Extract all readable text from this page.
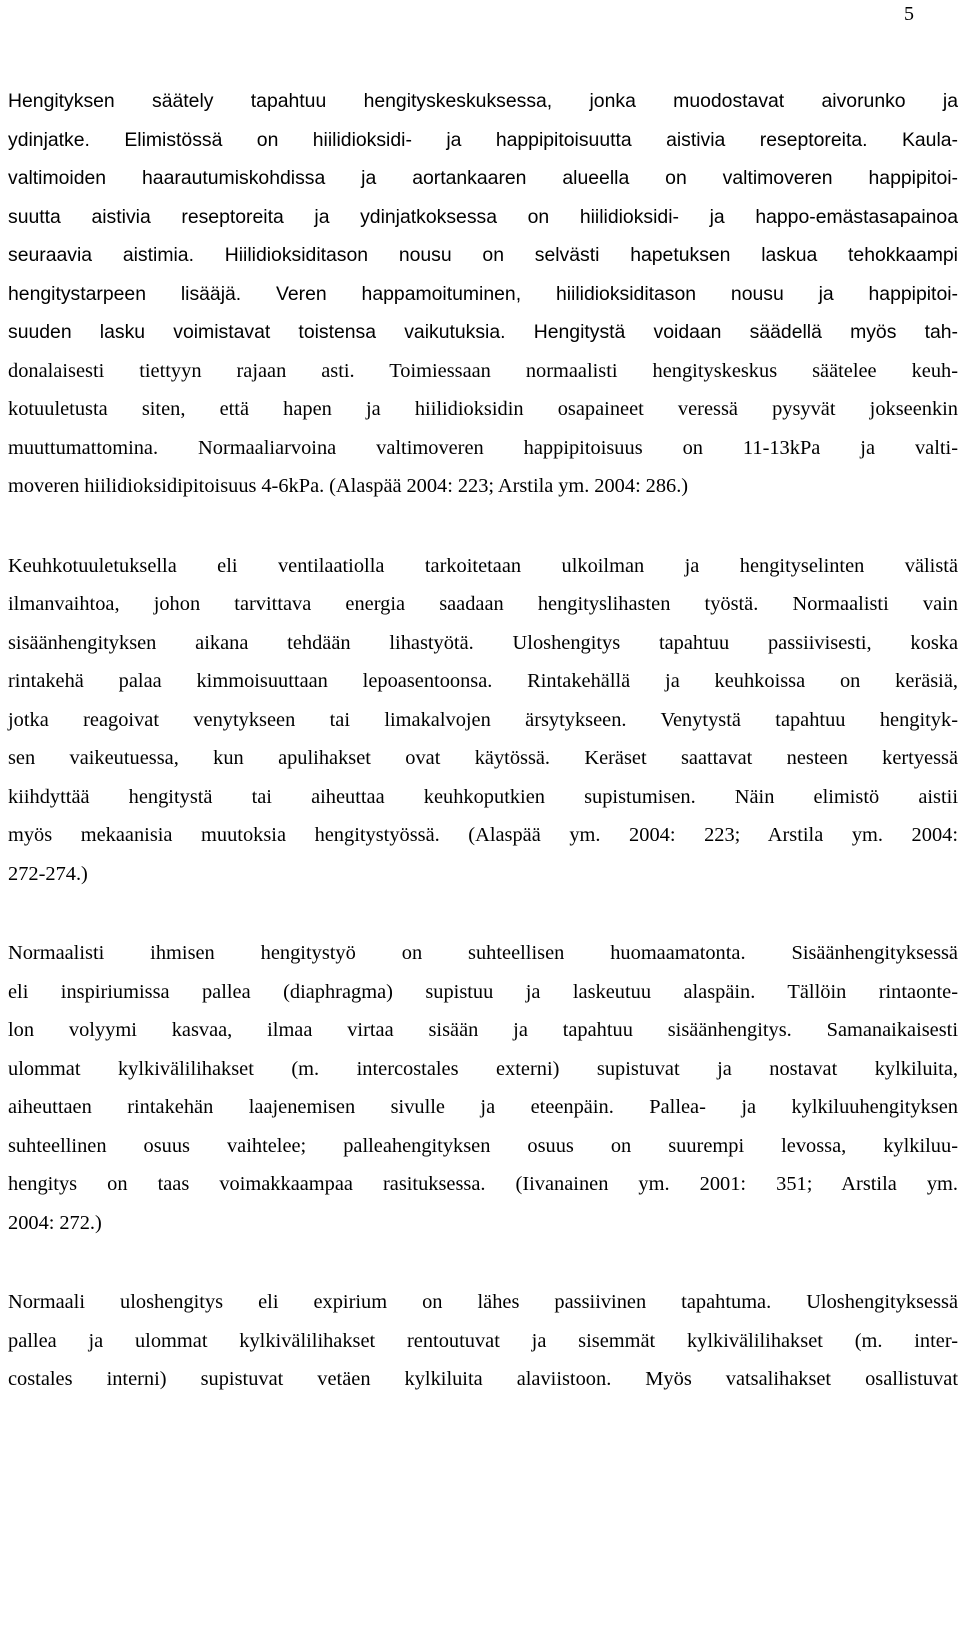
5

Hengityksen säätely tapahtuu hengityskeskuksessa, jonka muodostavat aivorunko ja
ydinjatke. Elimistössä on hiilidioksidi- ja happipitoisuutta aistivia reseptoreita. Kaula-
valtimoiden haarautumiskohdissa ja aortankaaren alueella on valtimoveren happipitoi-
suutta aistivia reseptoreita ja ydinjatkoksessa on hiilidioksidi- ja happo-emästasapainoa
seuraavia aistimia. Hiilidioksiditason nousu on selvästi hapetuksen laskua tehokkaampi
hengitystarpeen lisääjä. Veren happamoituminen, hiilidioksiditason nousu ja happipitoi-
suuden lasku voimistavat toistensa vaikutuksia. Hengitystä voidaan säädellä myös tah-
donalaisesti tiettyyn rajaan asti. Toimiessaan normaalisti hengityskeskus säätelee keuh-
kotuuletusta siten, että hapen ja hiilidioksidin osapaineet veressä pysyvät jokseenkin
muuttumattomina. Normaaliarvoina valtimoveren happipitoisuus on 11-13kPa ja valti-
moveren hiilidioksidipitoisuus 4-6kPa. (Alaspää 2004: 223; Arstila ym. 2004: 286.)

Keuhkotuuletuksella eli ventilaatiolla tarkoitetaan ulkoilman ja hengityselinten välistä
ilmanvaihtoa, johon tarvittava energia saadaan hengityslihasten työstä. Normaalisti vain
sisäänhengityksen aikana tehdään lihastyötä. Uloshengitys tapahtuu passiivisesti, koska
rintakehä palaa kimmoisuuttaan lepoasentoonsa. Rintakehällä ja keuhkoissa on keräsiä,
jotka reagoivat venytykseen tai limakalvojen ärsytykseen. Venytystä tapahtuu hengityk-
sen vaikeutuessa, kun apulihakset ovat käytössä. Keräset saattavat nesteen kertyessä
kiihdyttää hengitystä tai aiheuttaa keuhkoputkien supistumisen. Näin elimistö aistii
myös mekaanisia muutoksia hengitystyössä. (Alaspää ym. 2004: 223; Arstila ym. 2004:
272-274.)

Normaalisti ihmisen hengitystyö on suhteellisen huomaamatonta. Sisäänhengityksessä
eli inspiriumissa pallea (diaphragma) supistuu ja laskeutuu alaspäin. Tällöin rintaonte-
lon volyymi kasvaa, ilmaa virtaa sisään ja tapahtuu sisäänhengitys. Samanaikaisesti
ulommat kylkivälilihakset (m. intercostales externi) supistuvat ja nostavat kylkiluita,
aiheuttaen rintakehän laajenemisen sivulle ja eteenpäin. Pallea- ja kylkiluuhengityksen
suhteellinen osuus vaihtelee; palleahengityksen osuus on suurempi levossa, kylkiluu-
hengitys on taas voimakkaampaa rasituksessa. (Iivanainen ym. 2001: 351; Arstila ym.
2004: 272.)

Normaali uloshengitys eli expirium on lähes passiivinen tapahtuma. Uloshengityksessä
pallea ja ulommat kylkivälilihakset rentoutuvat ja sisemmät kylkivälilihakset (m. inter-
costales interni) supistuvat vetäen kylkiluita alaviistoon. Myös vatsalihakset osallistuvat
